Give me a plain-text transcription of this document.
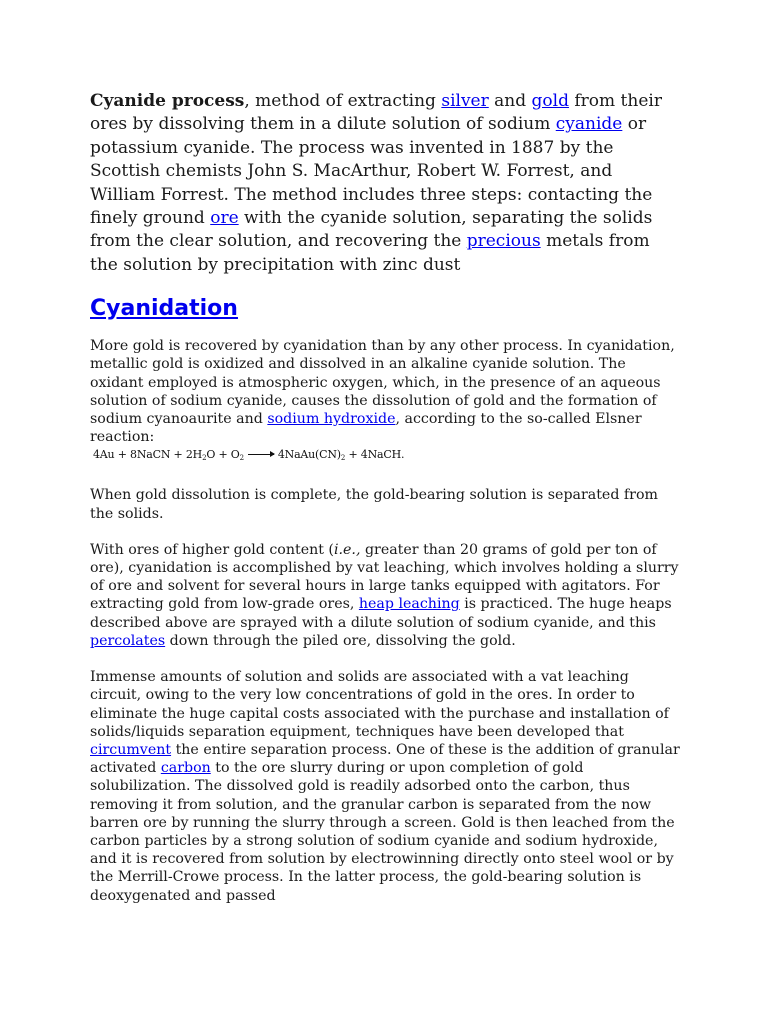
Cyanide process, method of extracting silver and gold from their ores by dissolving them in a dilute solution of sodium cyanide or potassium cyanide. The process was invented in 1887 by the Scottish chemists John S. MacArthur, Robert W. Forrest, and William Forrest. The method includes three steps: contacting the finely ground ore with the cyanide solution, separating the solids from the clear solution, and recovering the precious metals from the solution by precipitation with zinc dust

Cyanidation

More gold is recovered by cyanidation than by any other process. In cyanidation, metallic gold is oxidized and dissolved in an alkaline cyanide solution. The oxidant employed is atmospheric oxygen, which, in the presence of an aqueous solution of sodium cyanide, causes the dissolution of gold and the formation of sodium cyanoaurite and sodium hydroxide, according to the so-called Elsner reaction:

4Au + 8NaCN + $2H_2O + O_2$ → $4NaAu(CN)_2$ + 4NaCH.

When gold dissolution is complete, the gold-bearing solution is separated from the solids.

With ores of higher gold content (i.e., greater than 20 grams of gold per ton of ore), cyanidation is accomplished by vat leaching, which involves holding a slurry of ore and solvent for several hours in large tanks equipped with agitators. For extracting gold from low-grade ores, heap leaching is practiced. The huge heaps described above are sprayed with a dilute solution of sodium cyanide, and this percolates down through the piled ore, dissolving the gold.

Immense amounts of solution and solids are associated with a vat leaching circuit, owing to the very low concentrations of gold in the ores. In order to eliminate the huge capital costs associated with the purchase and installation of solids/liquids separation equipment, techniques have been developed that circumvent the entire separation process. One of these is the addition of granular activated carbon to the ore slurry during or upon completion of gold solubilization. The dissolved gold is readily adsorbed onto the carbon, thus removing it from solution, and the granular carbon is separated from the now barren ore by running the slurry through a screen. Gold is then leached from the carbon particles by a strong solution of sodium cyanide and sodium hydroxide, and it is recovered from solution by electrowinning directly onto steel wool or by the Merrill-Crowe process. In the latter process, the gold-bearing solution is deoxygenated and passed
